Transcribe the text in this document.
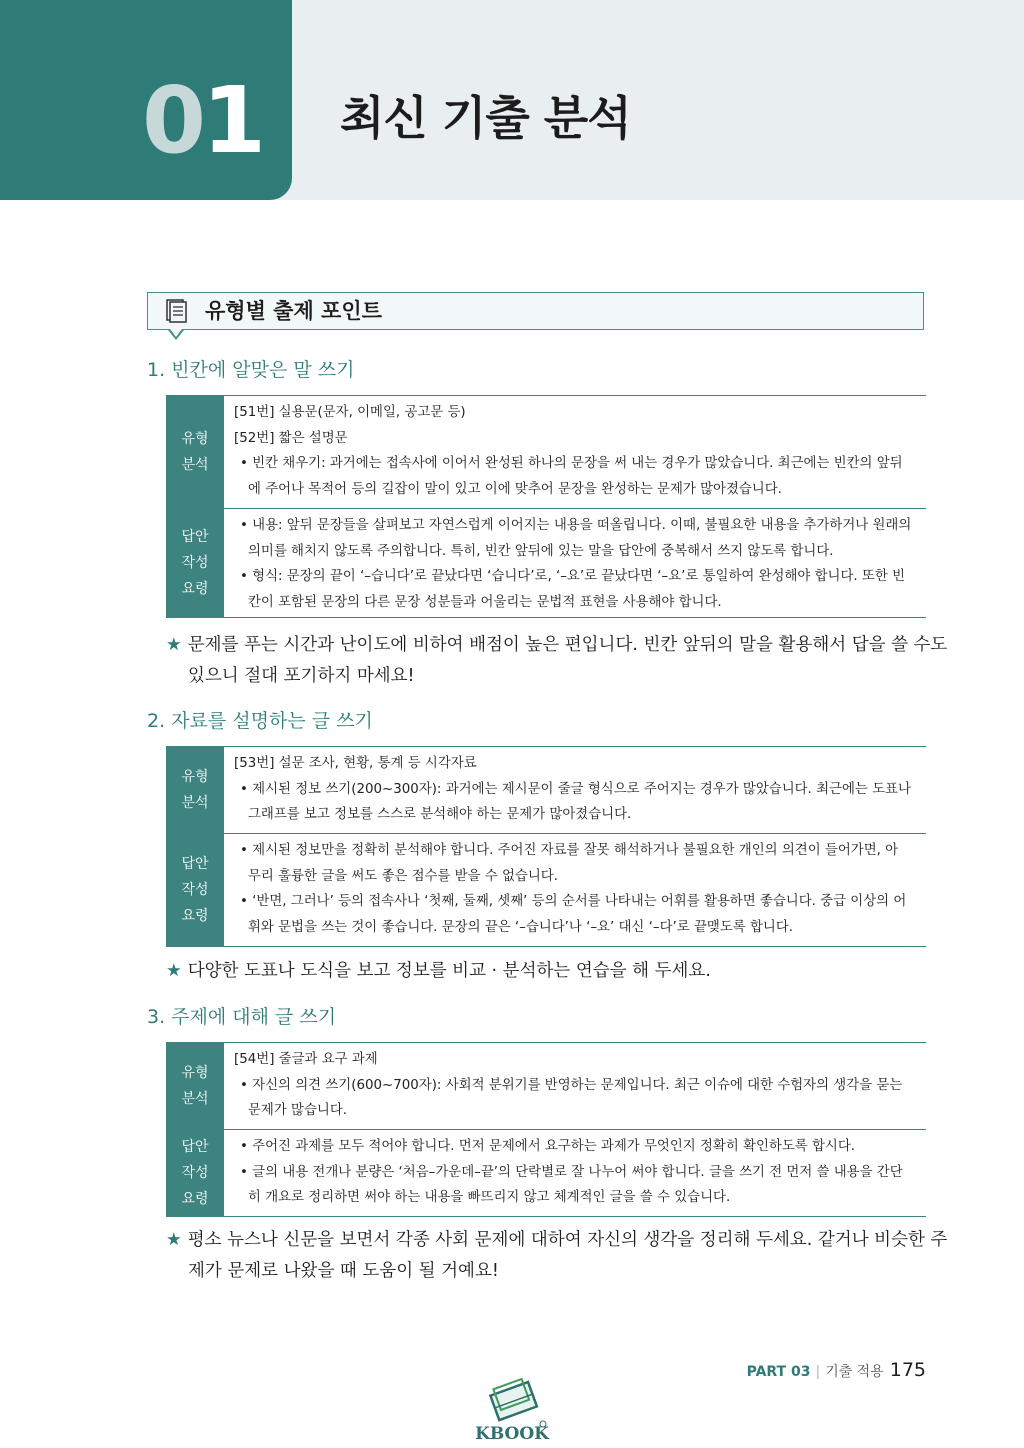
01 최신 기출 분석
유형별 출제 포인트
1. 빈칸에 알맞은 말 쓰기
유형
분석
[51번] 실용문(문자, 이메일, 공고문 등)
[52번] 짧은 설명문
• 빈칸 채우기: 과거에는 접속사에 이어서 완성된 하나의 문장을 써 내는 경우가 많았습니다. 최근에는 빈칸의 앞뒤
에 주어나 목적어 등의 길잡이 말이 있고 이에 맞추어 문장을 완성하는 문제가 많아졌습니다.
답안
작성
요령
• 내용: 앞뒤 문장들을 살펴보고 자연스럽게 이어지는 내용을 떠올립니다. 이때, 불필요한 내용을 추가하거나 원래의
의미를 해치지 않도록 주의합니다. 특히, 빈칸 앞뒤에 있는 말을 답안에 중복해서 쓰지 않도록 합니다.
• 형식: 문장의 끝이 ‘–습니다’로 끝났다면 ‘습니다’로, ‘–요’로 끝났다면 ‘–요’로 통일하여 완성해야 합니다. 또한 빈
칸이 포함된 문장의 다른 문장 성분들과 어울리는 문법적 표현을 사용해야 합니다.
★ 문제를 푸는 시간과 난이도에 비하여 배점이 높은 편입니다. 빈칸 앞뒤의 말을 활용해서 답을 쓸 수도
있으니 절대 포기하지 마세요!
2. 자료를 설명하는 글 쓰기
유형
분석
[53번] 설문 조사, 현황, 통계 등 시각자료
• 제시된 정보 쓰기(200~300자): 과거에는 제시문이 줄글 형식으로 주어지는 경우가 많았습니다. 최근에는 도표나
그래프를 보고 정보를 스스로 분석해야 하는 문제가 많아졌습니다.
답안
작성
요령
• 제시된 정보만을 정확히 분석해야 합니다. 주어진 자료를 잘못 해석하거나 불필요한 개인의 의견이 들어가면, 아
무리 훌륭한 글을 써도 좋은 점수를 받을 수 없습니다.
• ‘반면, 그러나’ 등의 접속사나 ‘첫째, 둘째, 셋째’ 등의 순서를 나타내는 어휘를 활용하면 좋습니다. 중급 이상의 어
휘와 문법을 쓰는 것이 좋습니다. 문장의 끝은 ‘–습니다’나 ‘–요’ 대신 ‘–다’로 끝맺도록 합니다.
★ 다양한 도표나 도식을 보고 정보를 비교 · 분석하는 연습을 해 두세요.
3. 주제에 대해 글 쓰기
유형
분석
[54번] 줄글과 요구 과제
• 자신의 의견 쓰기(600~700자): 사회적 분위기를 반영하는 문제입니다. 최근 이슈에 대한 수험자의 생각을 묻는
문제가 많습니다.
답안
작성
요령
• 주어진 과제를 모두 적어야 합니다. 먼저 문제에서 요구하는 과제가 무엇인지 정확히 확인하도록 합시다.
• 글의 내용 전개나 분량은 ‘처음–가운데–끝’의 단락별로 잘 나누어 써야 합니다. 글을 쓰기 전 먼저 쓸 내용을 간단
히 개요로 정리하면 써야 하는 내용을 빠뜨리지 않고 체계적인 글을 쓸 수 있습니다.
★ 평소 뉴스나 신문을 보면서 각종 사회 문제에 대하여 자신의 생각을 정리해 두세요. 같거나 비슷한 주
제가 문제로 나왔을 때 도움이 될 거예요!
PART 03 | 기출 적용 175
KBOOK
